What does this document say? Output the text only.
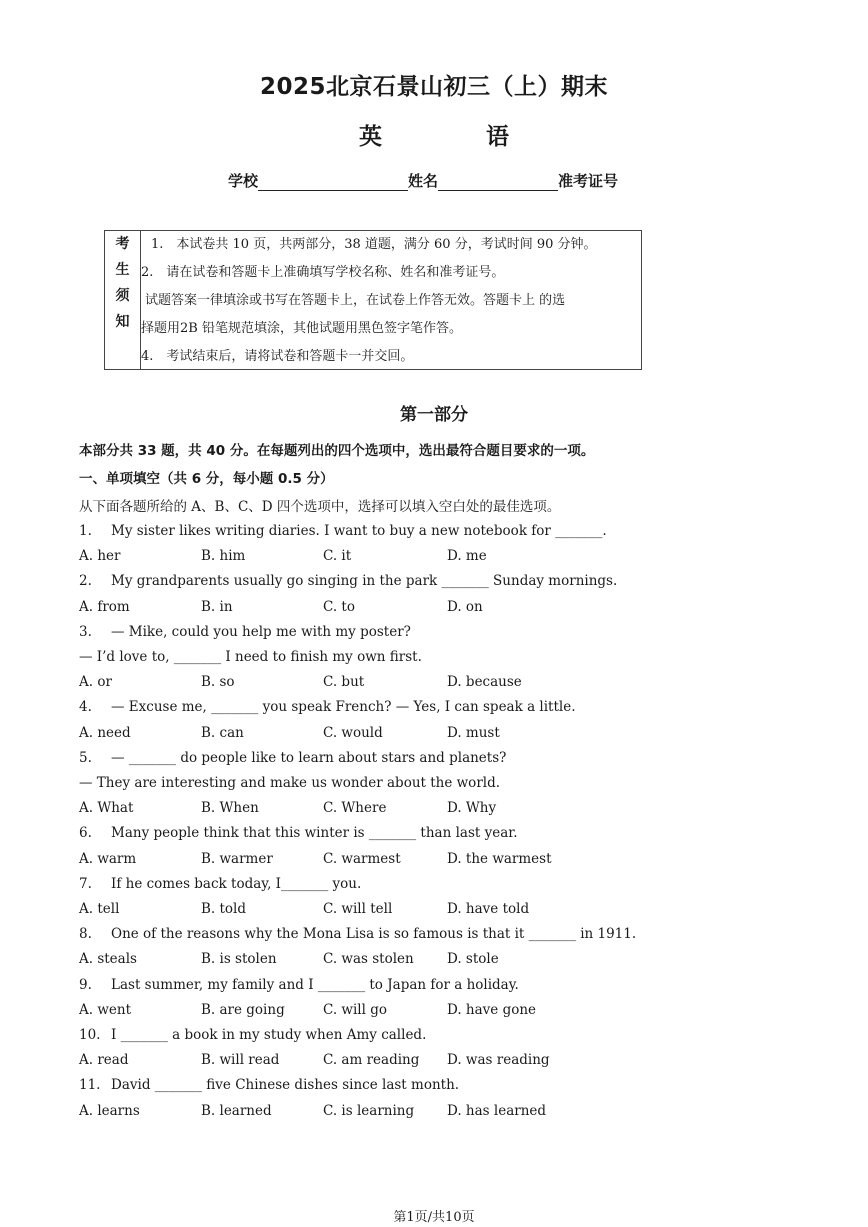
2025北京石景山初三（上）期末
英 语
学校	姓名	准考证号
考
生
须
知
1.　本试卷共 10 页，共两部分，38 道题，满分 60 分，考试时间 90 分钟。
2.　请在试卷和答题卡上准确填写学校名称、姓名和准考证号。
试题答案一律填涂或书写在答题卡上，在试卷上作答无效。答题卡上 的选
择题用2B 铅笔规范填涂，其他试题用黑色签字笔作答。
4.　考试结束后，请将试卷和答题卡一并交回。
第一部分
本部分共 33 题，共 40 分。在每题列出的四个选项中，选出最符合题目要求的一项。
一、单项填空（共 6 分，每小题 0.5 分）
从下面各题所给的 A、B、C、D 四个选项中，选择可以填入空白处的最佳选项。
1. My sister likes writing diaries. I want to buy a new notebook for _______.
A. her	B. him	C. it	D. me
2. My grandparents usually go singing in the park _______ Sunday mornings.
A. from	B. in	C. to	D. on
3. — Mike, could you help me with my poster?
— I’d love to, _______ I need to finish my own first.
A. or	B. so	C. but	D. because
4. — Excuse me, _______ you speak French? — Yes, I can speak a little.
A. need	B. can	C. would	D. must
5. — _______ do people like to learn about stars and planets?
— They are interesting and make us wonder about the world.
A. What	B. When	C. Where	D. Why
6. Many people think that this winter is _______ than last year.
A. warm	B. warmer	C. warmest	D. the warmest
7. If he comes back today, I_______ you.
A. tell	B. told	C. will tell	D. have told
8. One of the reasons why the Mona Lisa is so famous is that it _______ in 1911.
A. steals	B. is stolen	C. was stolen D. stole
9. Last summer, my family and I _______ to Japan for a holiday.
A. went	B. are going	C. will go	D. have gone
10. I _______ a book in my study when Amy called.
A. read	B. will read	C. am reading D. was reading
11. David _______ five Chinese dishes since last month.
A. learns	B. learned	C. is learning D. has learned
第1页/共10页
